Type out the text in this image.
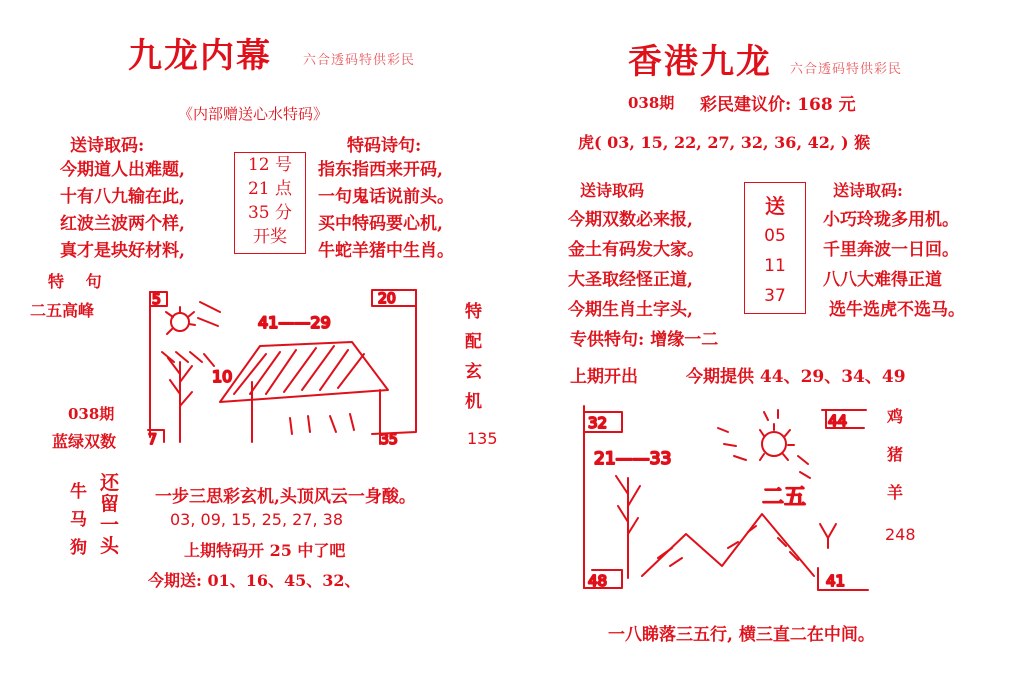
九龙内幕 六合透码特供彩民
《内部赠送心水特码》
送诗取码:	特码诗句:
今期道人出难题,
十有八九输在此,
红波兰波两个样,
真才是块好材料,
12 号
21 点
35 分
开奖
指东指西来开码,
一句鬼话说前头。
买中特码要心机,
牛蛇羊猪中生肖。
特 句
二五高峰
5	20
7	35
41——29
10
特
配
玄
机
038期
蓝绿双数	135
牛
马
狗
还
留
一
头
一步三思彩玄机,头顶风云一身酸。
03, 09, 15, 25, 27, 38
上期特码开 25 中了吧
今期送: 01、16、45、32、
香港九龙 六合透码特供彩民
038期 彩民建议价: 168 元
虎( 03, 15, 22, 27, 32, 36, 42, ) 猴
送诗取码	送诗取码:
今期双数必来报,
金土有码发大家。
大圣取经怪正道,
今期生肖土字头,
送
05
11
37
小巧玲珑多用机。
千里奔波一日回。
八八大难得正道
选牛选虎不选马。
专供特句: 增缘一二
上期开出	今期提供 44、29、34、49
32	44
48	41
21——33
二五
鸡
猪
羊
248
一八睇落三五行, 横三直二在中间。
